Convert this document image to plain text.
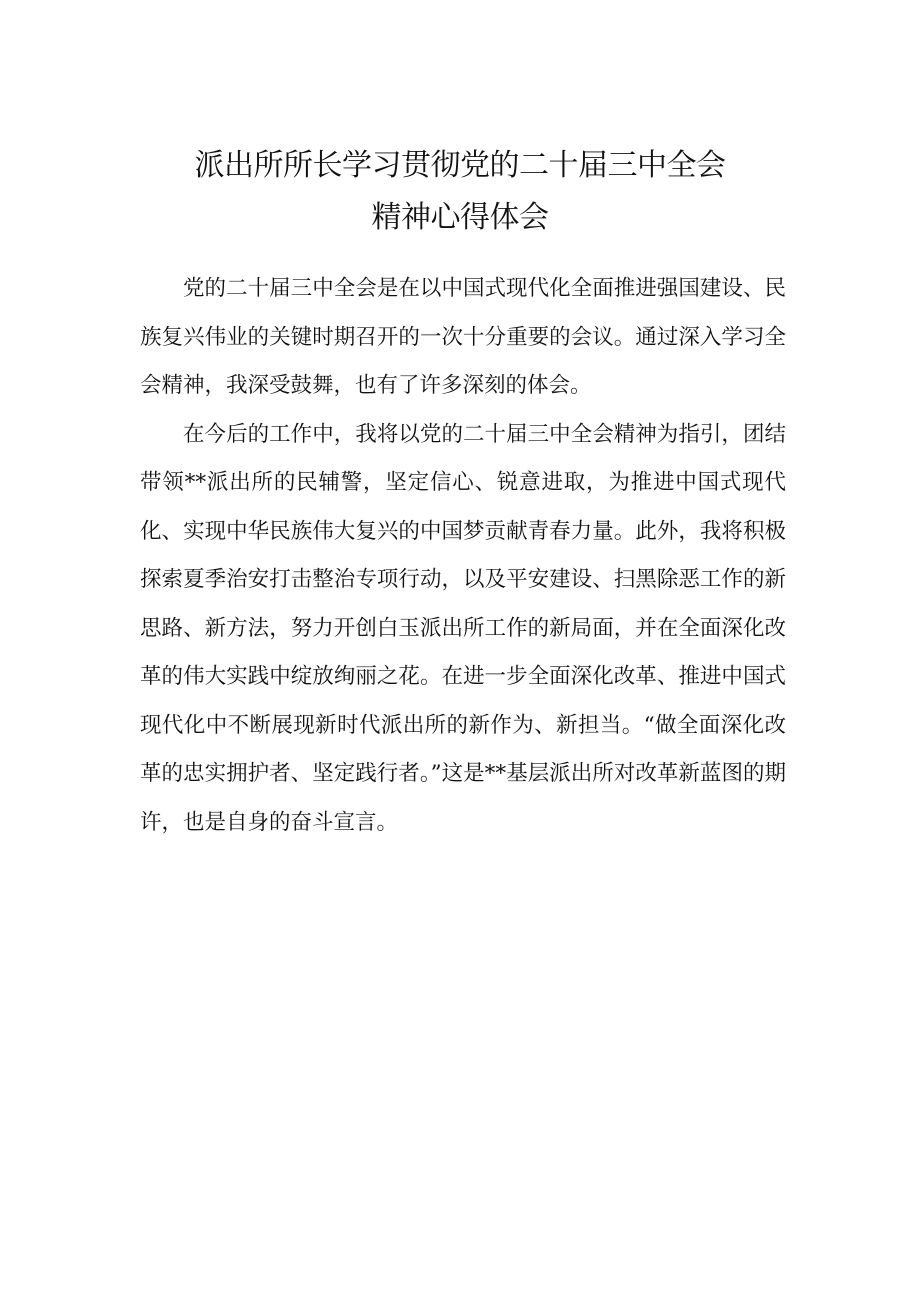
派出所所长学习贯彻党的二十届三中全会
精神心得体会

党的二十届三中全会是在以中国式现代化全面推进强国建设、民族复兴伟业的关键时期召开的一次十分重要的会议。通过深入学习全会精神，我深受鼓舞，也有了许多深刻的体会。

在今后的工作中，我将以党的二十届三中全会精神为指引，团结带领**派出所的民辅警，坚定信心、锐意进取，为推进中国式现代化、实现中华民族伟大复兴的中国梦贡献青春力量。此外，我将积极探索夏季治安打击整治专项行动，以及平安建设、扫黑除恶工作的新思路、新方法，努力开创白玉派出所工作的新局面，并在全面深化改革的伟大实践中绽放绚丽之花。在进一步全面深化改革、推进中国式现代化中不断展现新时代派出所的新作为、新担当。“做全面深化改革的忠实拥护者、坚定践行者。”这是**基层派出所对改革新蓝图的期许，也是自身的奋斗宣言。
